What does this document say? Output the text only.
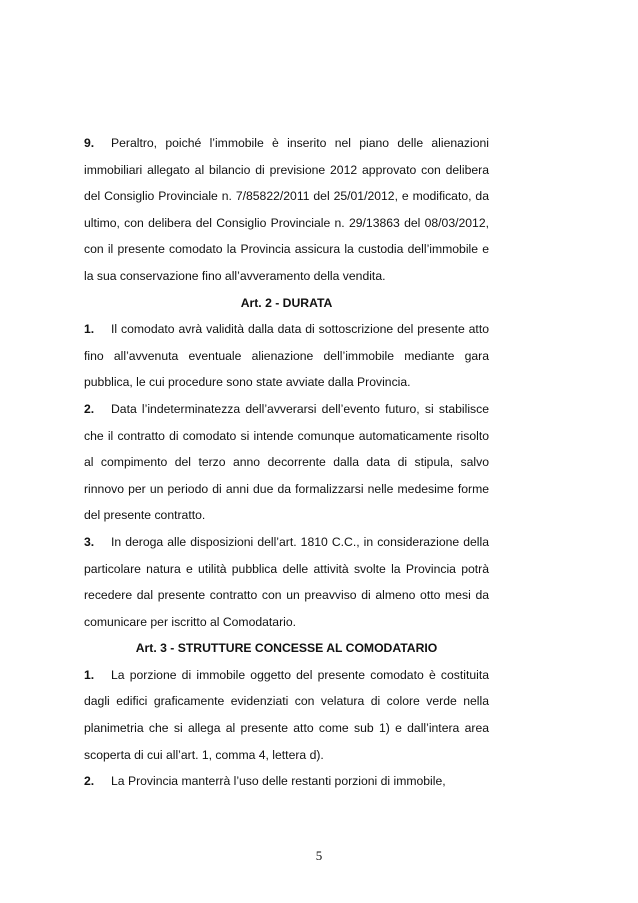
9. Peraltro, poiché l’immobile è inserito nel piano delle alienazioni immobiliari allegato al bilancio di previsione 2012 approvato con delibera del Consiglio Provinciale n. 7/85822/2011 del 25/01/2012, e modificato, da ultimo, con delibera del Consiglio Provinciale n. 29/13863 del 08/03/2012, con il presente comodato la Provincia assicura la custodia dell’immobile e la sua conservazione fino all’avveramento della vendita.

Art. 2 - DURATA

1. Il comodato avrà validità dalla data di sottoscrizione del presente atto fino all’avvenuta eventuale alienazione dell’immobile mediante gara pubblica, le cui procedure sono state avviate dalla Provincia.

2. Data l’indeterminatezza dell’avverarsi dell’evento futuro, si stabilisce che il contratto di comodato si intende comunque automaticamente risolto al compimento del terzo anno decorrente dalla data di stipula, salvo rinnovo per un periodo di anni due da formalizzarsi nelle medesime forme del presente contratto.

3. In deroga alle disposizioni dell’art. 1810 C.C., in considerazione della particolare natura e utilità pubblica delle attività svolte la Provincia potrà recedere dal presente contratto con un preavviso di almeno otto mesi da comunicare per iscritto al Comodatario.

Art. 3 - STRUTTURE CONCESSE AL COMODATARIO

1. La porzione di immobile oggetto del presente comodato è costituita dagli edifici graficamente evidenziati con velatura di colore verde nella planimetria che si allega al presente atto come sub 1) e dall’intera area scoperta di cui all’art. 1, comma 4, lettera d).

2. La Provincia manterrà l’uso delle restanti porzioni di immobile,

5
